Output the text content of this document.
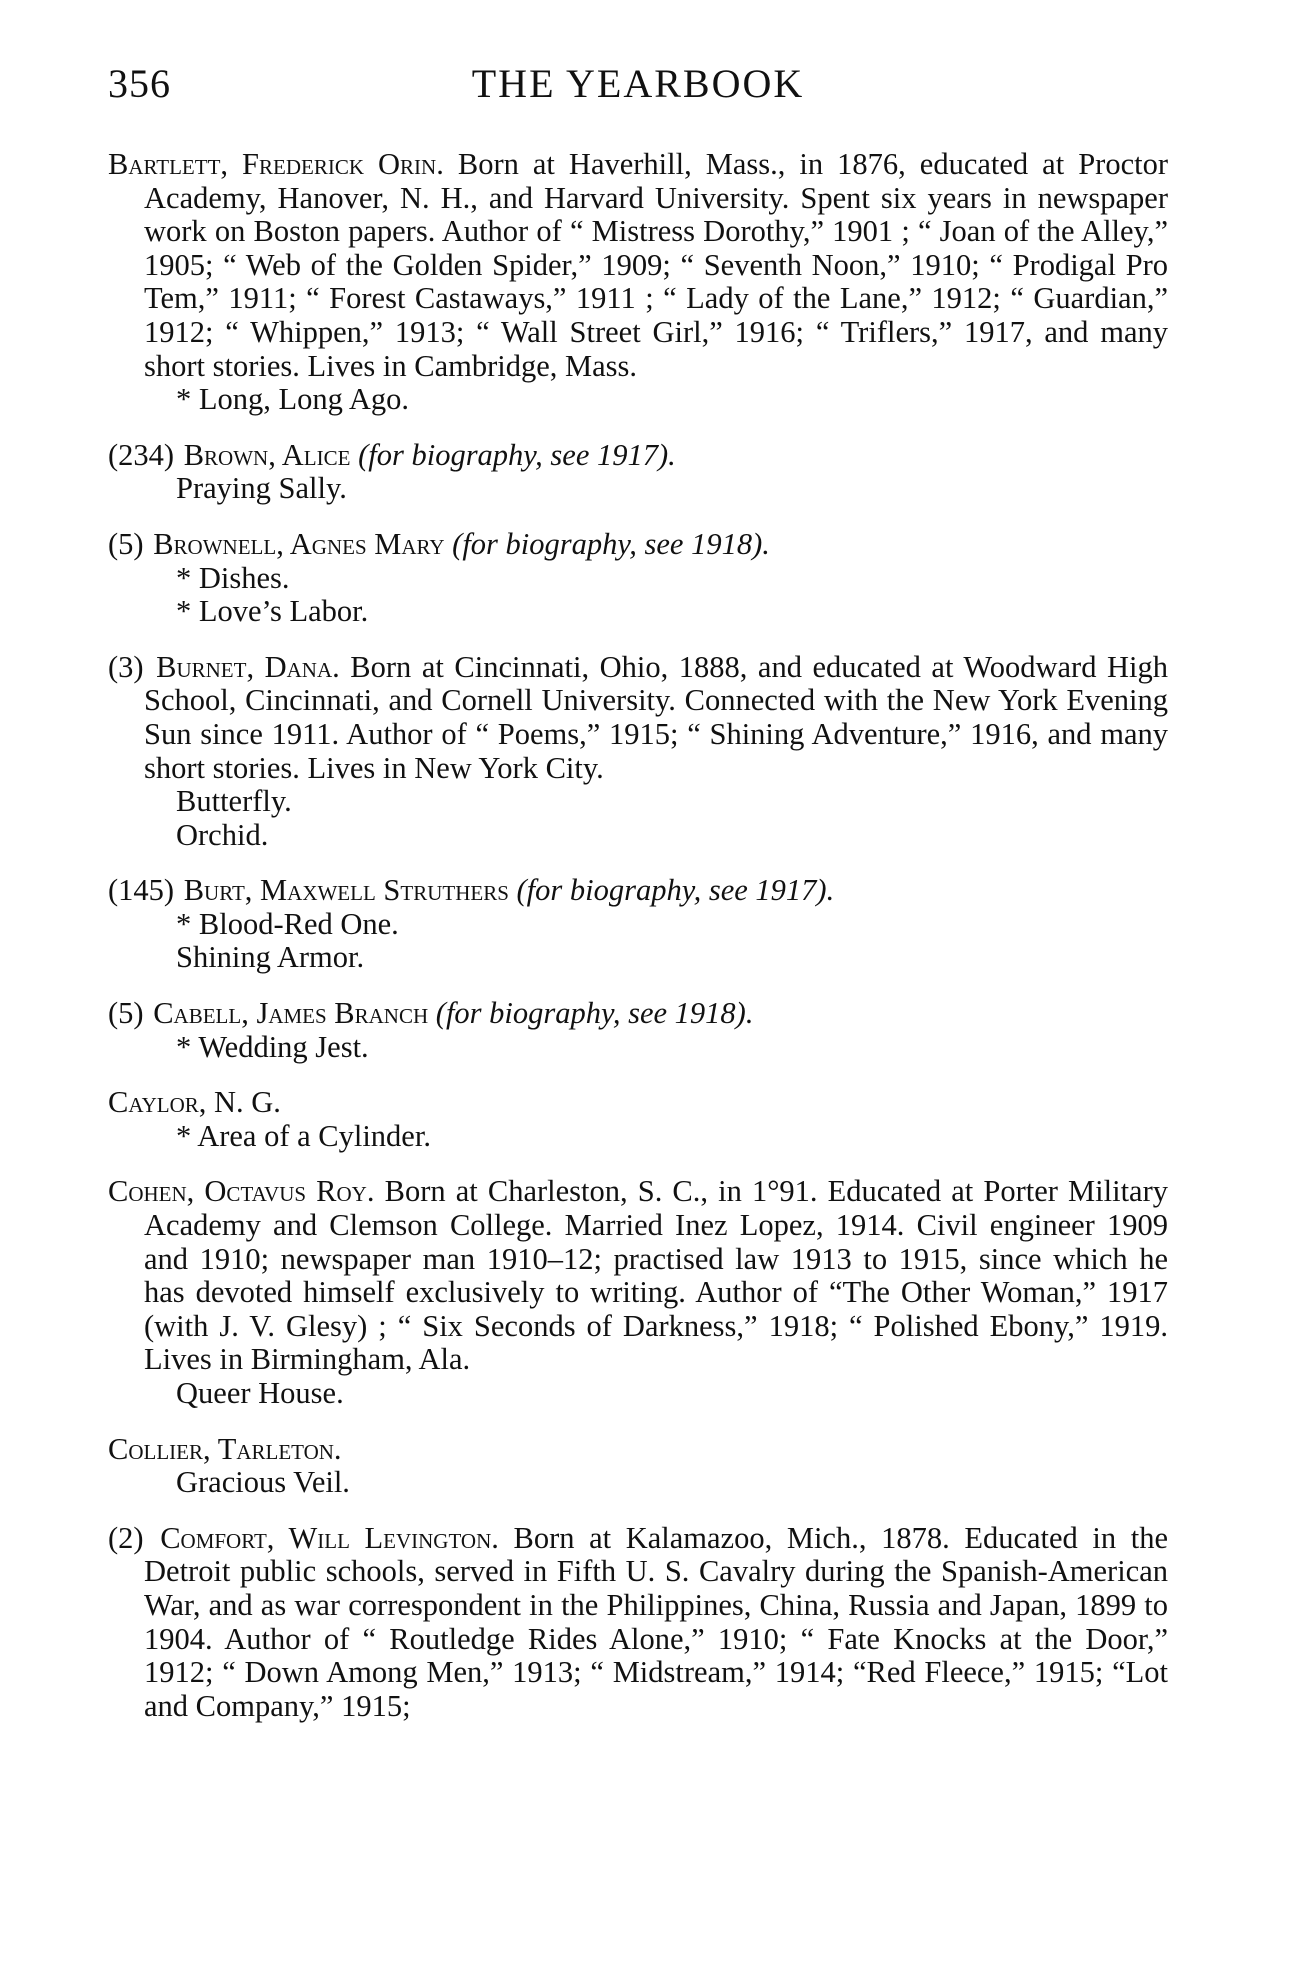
356	THE YEARBOOK
Bartlett, Frederick Orin. Born at Haverhill, Mass., in 1876, educated at Proctor Academy, Hanover, N. H., and Harvard University. Spent six years in newspaper work on Boston papers. Author of “ Mistress Dorothy,” 1901 ; “ Joan of the Alley,” 1905; “ Web of the Golden Spider,” 1909; “ Seventh Noon,” 1910; “ Prodigal Pro Tem,” 1911; “ Forest Castaways,” 1911 ; “ Lady of the Lane,” 1912; “ Guardian,” 1912; “ Whippen,” 1913; “ Wall Street Girl,” 1916; “ Triflers,” 1917, and many short stories. Lives in Cambridge, Mass.
* Long, Long Ago.
(234) Brown, Alice (for biography, see 1917).
Praying Sally.
(5) Brownell, Agnes Mary (for biography, see 1918).
* Dishes.
* Love’s Labor.
(3) Burnet, Dana. Born at Cincinnati, Ohio, 1888, and educated at Woodward High School, Cincinnati, and Cornell University. Connected with the New York Evening Sun since 1911. Author of “ Poems,” 1915; “ Shining Adventure,” 1916, and many short stories. Lives in New York City.
Butterfly.
Orchid.
(145) Burt, Maxwell Struthers (for biography, see 1917).
* Blood-Red One.
Shining Armor.
(5) Cabell, James Branch (for biography, see 1918).
* Wedding Jest.
Caylor, N. G.
* Area of a Cylinder.
Cohen, Octavus Roy. Born at Charleston, S. C., in 1°91. Educated at Porter Military Academy and Clemson College. Married Inez Lopez, 1914. Civil engineer 1909 and 1910; newspaper man 1910–12; practised law 1913 to 1915, since which he has devoted himself exclusively to writing. Author of “The Other Woman,” 1917 (with J. V. Glesy) ; “ Six Seconds of Darkness,” 1918; “ Polished Ebony,” 1919. Lives in Birmingham, Ala.
Queer House.
Collier, Tarleton.
Gracious Veil.
(2) Comfort, Will Levington. Born at Kalamazoo, Mich., 1878. Educated in the Detroit public schools, served in Fifth U. S. Cavalry during the Spanish-American War, and as war correspondent in the Philippines, China, Russia and Japan, 1899 to 1904. Author of “ Routledge Rides Alone,” 1910; “ Fate Knocks at the Door,” 1912; “ Down Among Men,” 1913; “ Midstream,” 1914; “Red Fleece,” 1915; “Lot and Company,” 1915;
